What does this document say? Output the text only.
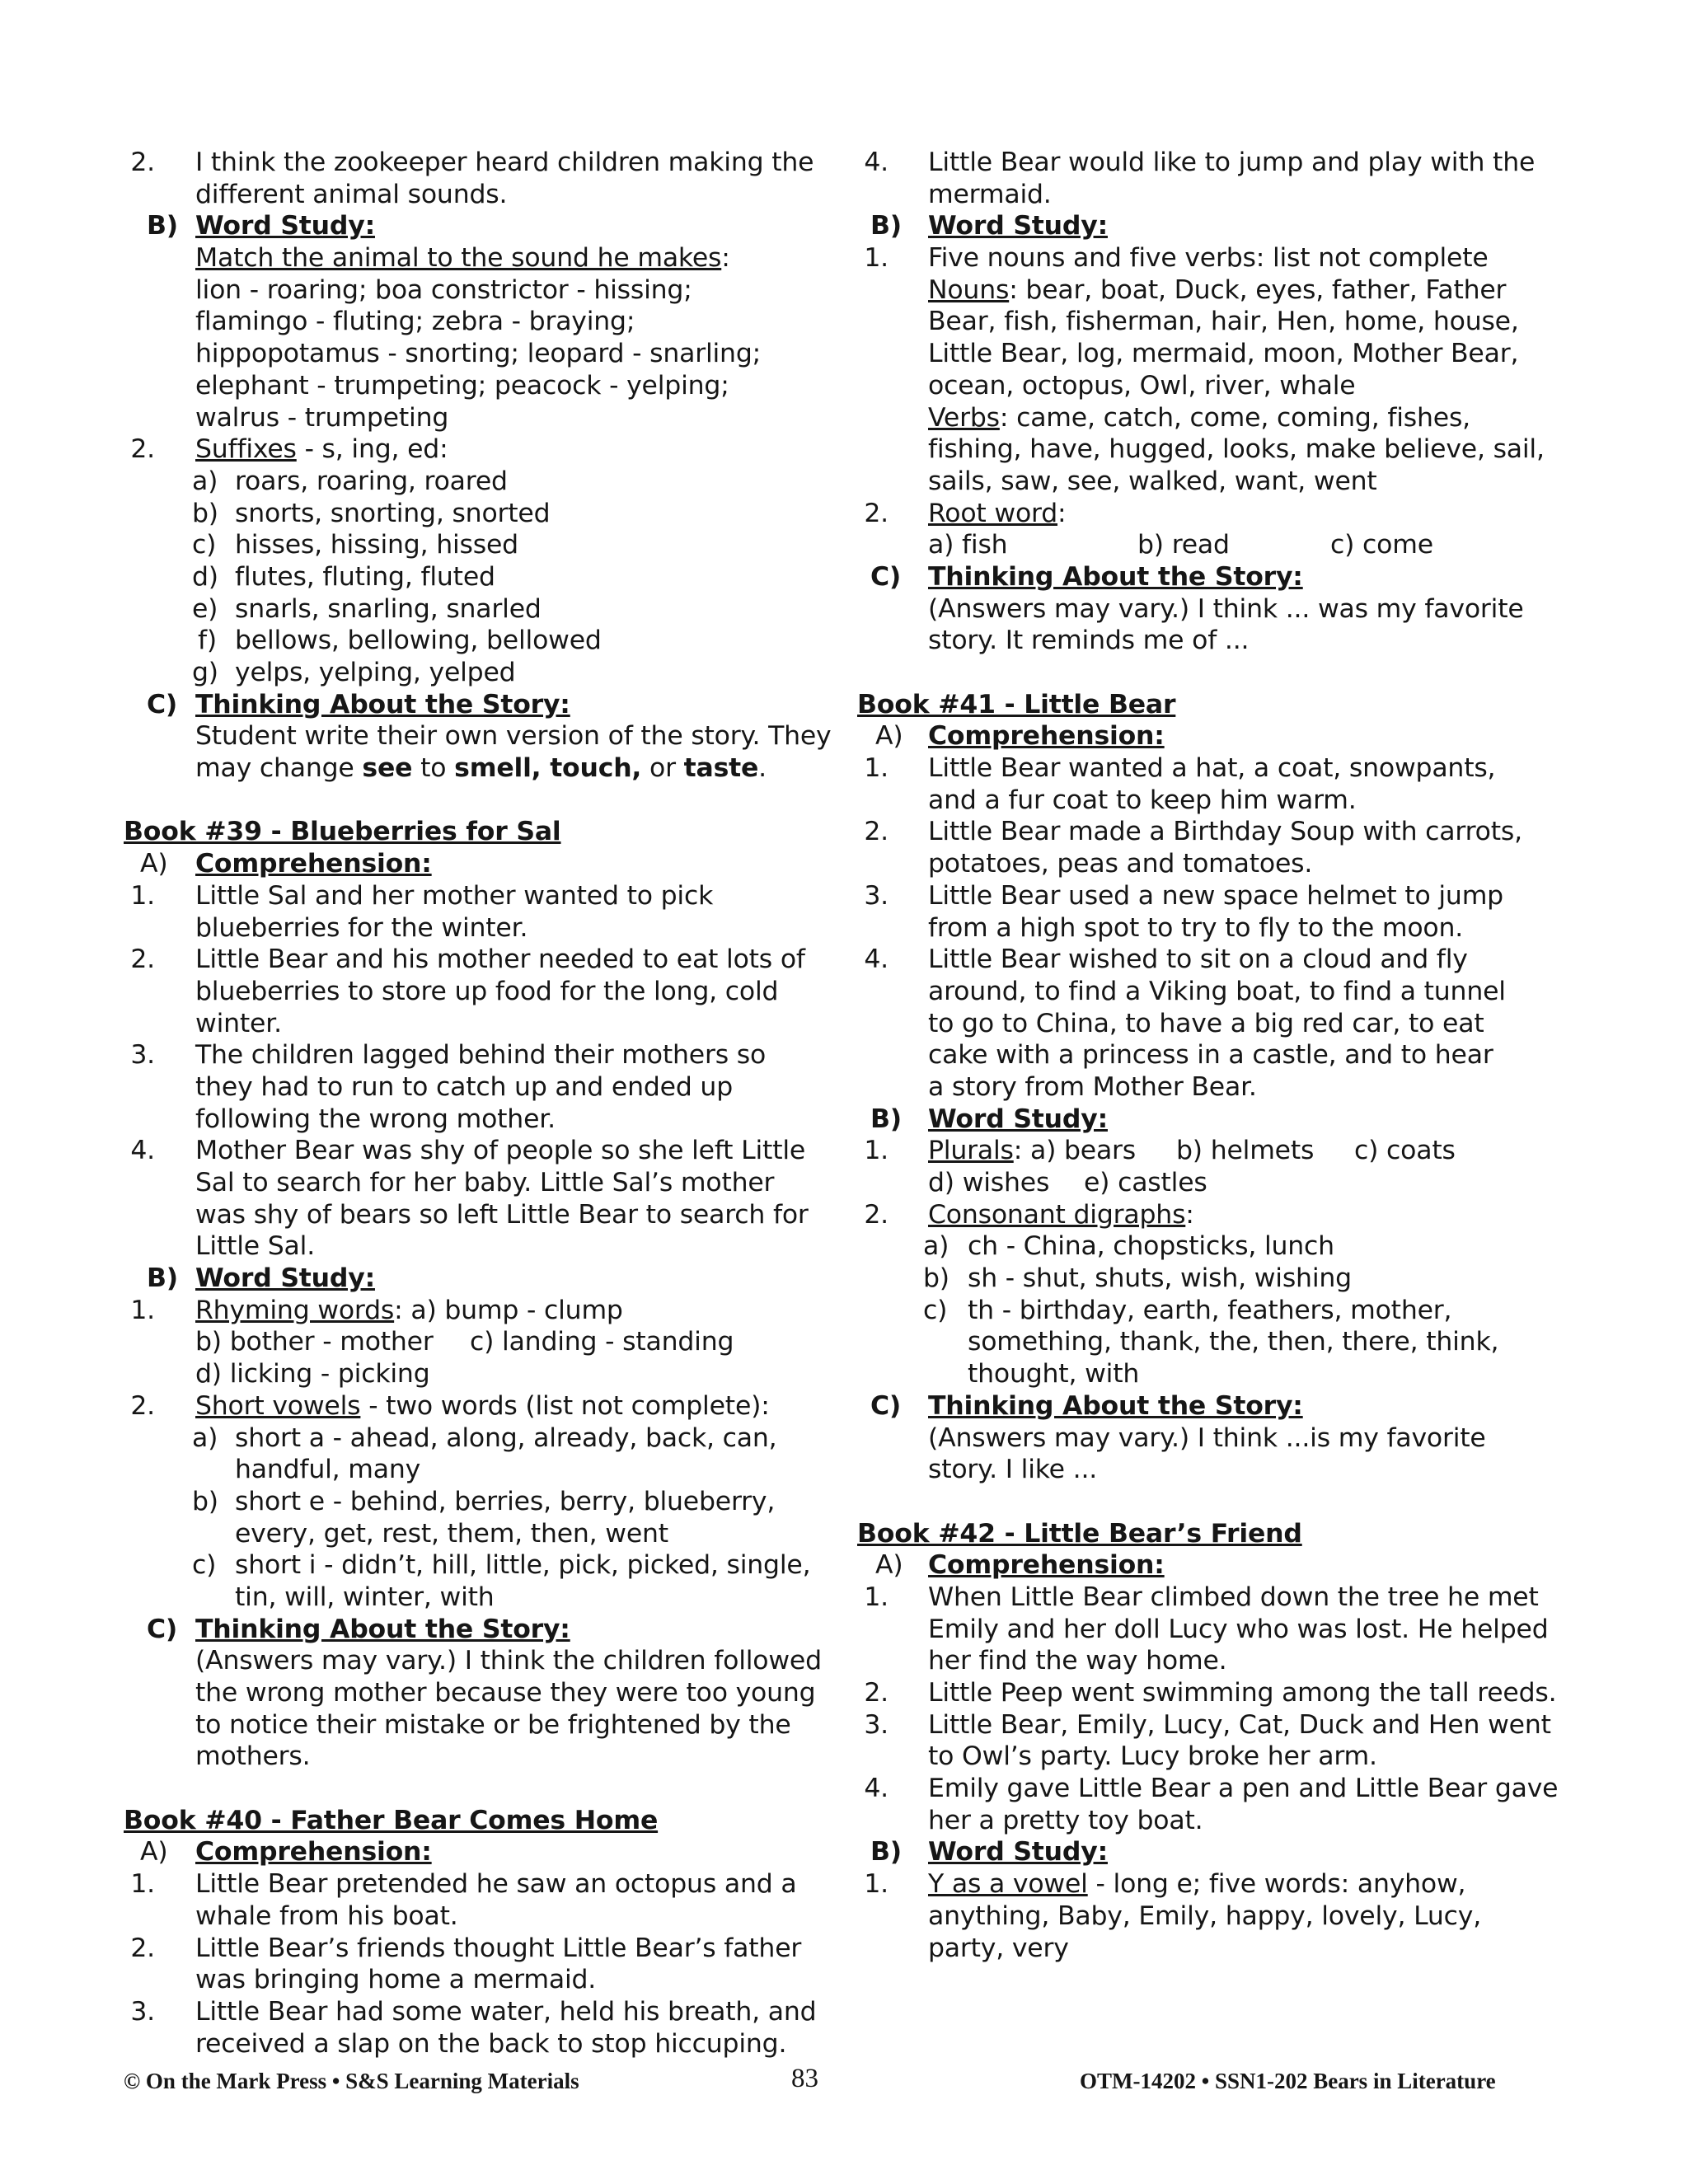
2. I think the zookeeper heard children making the
different animal sounds.
B) Word Study:
Match the animal to the sound he makes:
lion - roaring; boa constrictor - hissing;
flamingo - fluting; zebra - braying;
hippopotamus - snorting; leopard - snarling;
elephant - trumpeting; peacock - yelping;
walrus - trumpeting
2. Suffixes - s, ing, ed:
a) roars, roaring, roared
b) snorts, snorting, snorted
c) hisses, hissing, hissed
d) flutes, fluting, fluted
e) snarls, snarling, snarled
f) bellows, bellowing, bellowed
g) yelps, yelping, yelped
C) Thinking About the Story:
Student write their own version of the story. They
may change see to smell, touch, or taste.
Book #39 - Blueberries for Sal
A) Comprehension:
1. Little Sal and her mother wanted to pick
blueberries for the winter.
2. Little Bear and his mother needed to eat lots of
blueberries to store up food for the long, cold
winter.
3. The children lagged behind their mothers so
they had to run to catch up and ended up
following the wrong mother.
4. Mother Bear was shy of people so she left Little
Sal to search for her baby. Little Sal’s mother
was shy of bears so left Little Bear to search for
Little Sal.
B) Word Study:
1. Rhyming words: a) bump - clump
b) bother - mother c) landing - standing
d) licking - picking
2. Short vowels - two words (list not complete):
a) short a - ahead, along, already, back, can,
handful, many
b) short e - behind, berries, berry, blueberry,
every, get, rest, them, then, went
c) short i - didn’t, hill, little, pick, picked, single,
tin, will, winter, with
C) Thinking About the Story:
(Answers may vary.) I think the children followed
the wrong mother because they were too young
to notice their mistake or be frightened by the
mothers.
Book #40 - Father Bear Comes Home
A) Comprehension:
1. Little Bear pretended he saw an octopus and a
whale from his boat.
2. Little Bear’s friends thought Little Bear’s father
was bringing home a mermaid.
3. Little Bear had some water, held his breath, and
received a slap on the back to stop hiccuping.
4. Little Bear would like to jump and play with the
mermaid.
B) Word Study:
1. Five nouns and five verbs: list not complete
Nouns: bear, boat, Duck, eyes, father, Father
Bear, fish, fisherman, hair, Hen, home, house,
Little Bear, log, mermaid, moon, Mother Bear,
ocean, octopus, Owl, river, whale
Verbs: came, catch, come, coming, fishes,
fishing, have, hugged, looks, make believe, sail,
sails, saw, see, walked, want, went
2. Root word:
a) fish	b) read	c) come
C) Thinking About the Story:
(Answers may vary.) I think ... was my favorite
story. It reminds me of ...
Book #41 - Little Bear
A) Comprehension:
1. Little Bear wanted a hat, a coat, snowpants,
and a fur coat to keep him warm.
2. Little Bear made a Birthday Soup with carrots,
potatoes, peas and tomatoes.
3. Little Bear used a new space helmet to jump
from a high spot to try to fly to the moon.
4. Little Bear wished to sit on a cloud and fly
around, to find a Viking boat, to find a tunnel
to go to China, to have a big red car, to eat
cake with a princess in a castle, and to hear
a story from Mother Bear.
B) Word Study:
1. Plurals: a) bears b) helmets c) coats
d) wishes e) castles
2. Consonant digraphs:
a) ch - China, chopsticks, lunch
b) sh - shut, shuts, wish, wishing
c) th - birthday, earth, feathers, mother,
something, thank, the, then, there, think,
thought, with
C) Thinking About the Story:
(Answers may vary.) I think ...is my favorite
story. I like ...
Book #42 - Little Bear’s Friend
A) Comprehension:
1. When Little Bear climbed down the tree he met
Emily and her doll Lucy who was lost. He helped
her find the way home.
2. Little Peep went swimming among the tall reeds.
3. Little Bear, Emily, Lucy, Cat, Duck and Hen went
to Owl’s party. Lucy broke her arm.
4. Emily gave Little Bear a pen and Little Bear gave
her a pretty toy boat.
B) Word Study:
1. Y as a vowel - long e; five words: anyhow,
anything, Baby, Emily, happy, lovely, Lucy,
party, very
© On the Mark Press • S&S Learning Materials	83	OTM-14202 • SSN1-202 Bears in Literature
